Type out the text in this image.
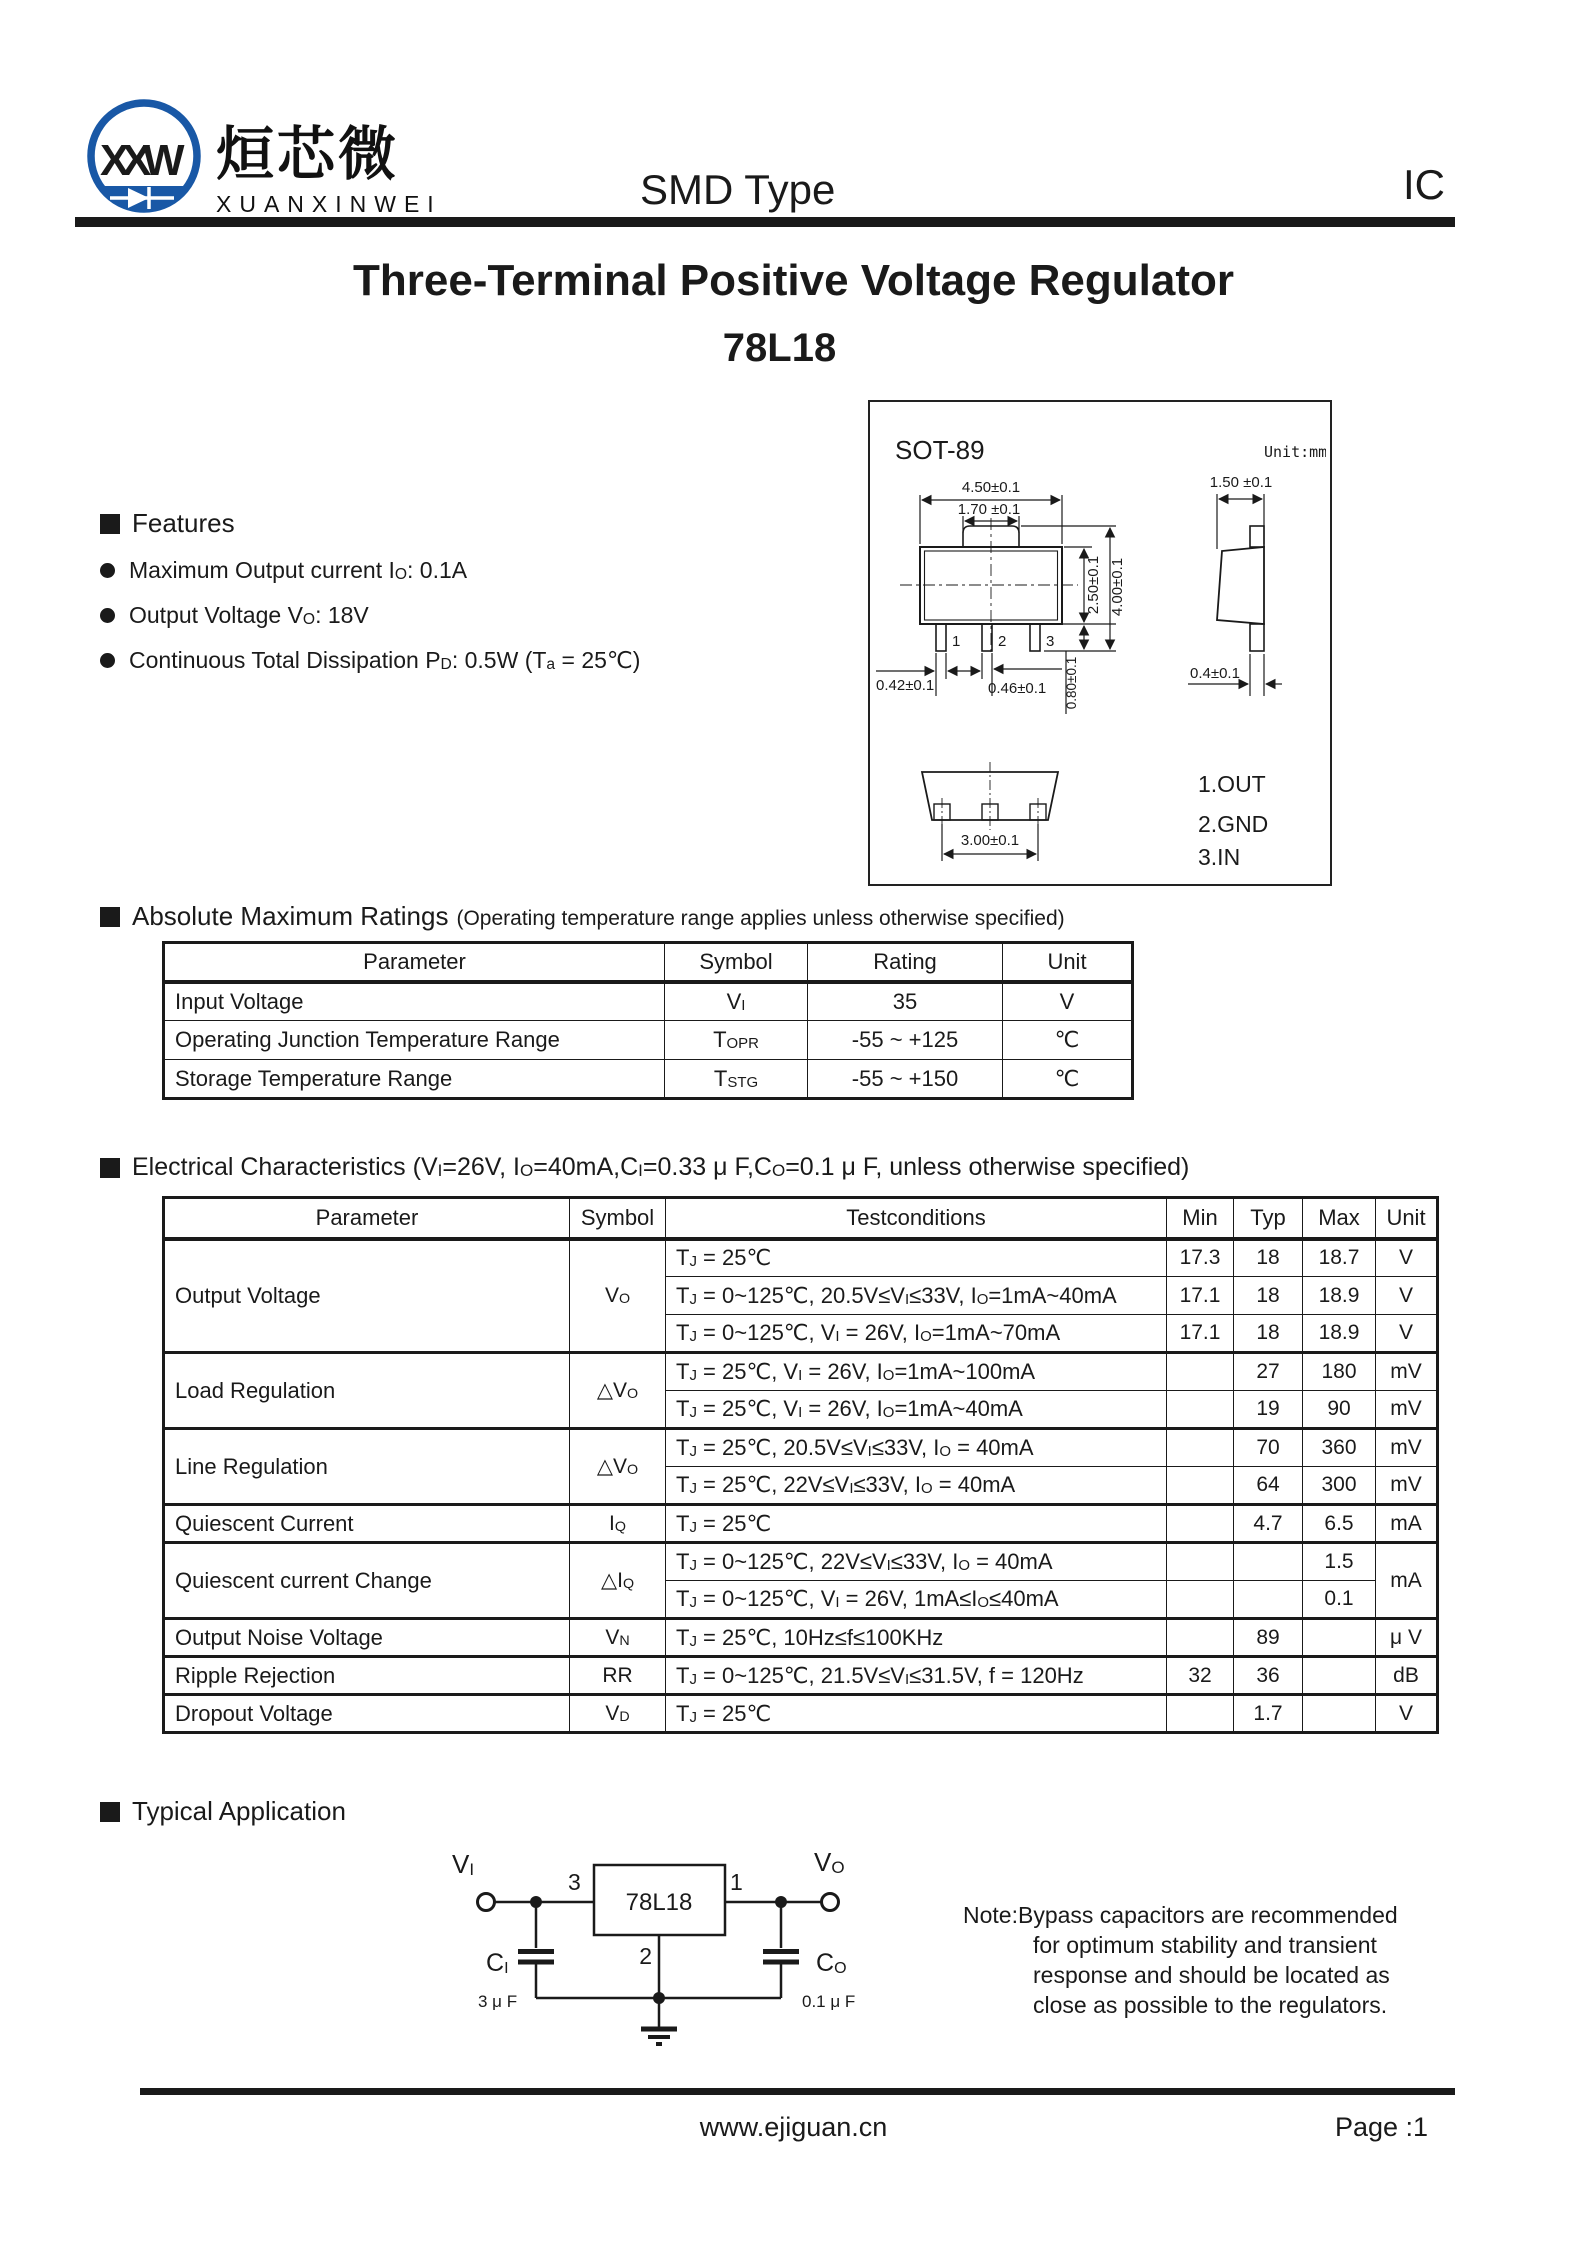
X
X
W 烜芯微
XUANXINWEI	SMD Type	IC
Three-Terminal Positive Voltage Regulator
78L18
SOT-89	Unit:mm
4.50±0.1
1.70 ±0.1
2.50±0.1 4.00±0.1
0.42±0.1	0.46±0.1 0.80±0.1
1.50 ±0.1
0.4±0.1
3.00±0.1
1	2	3
1.OUT
2.GND
3.IN
Features
Maximum Output current IO: 0.1A
Output Voltage VO: 18V
Continuous Total Dissipation PD: 0.5W (Ta = 25℃)
Absolute Maximum Ratings (Operating temperature range applies unless otherwise specified)
Parameter	Symbol	Rating	Unit
Input Voltage	VI	35	V
Operating Junction Temperature Range	TOPR	-55 ~ +125	℃
Storage Temperature Range	TSTG	-55 ~ +150	℃
Electrical Characteristics (VI=26V, IO=40mA,CI=0.33 μ F,CO=0.1 μ F, unless otherwise specified)
Parameter	Symbol	Testconditions	Min	Typ	Max	Unit
Output Voltage	VO	TJ = 25℃	17.3	18	18.7	V
		TJ = 0~125℃, 20.5V≤VI≤33V, IO=1mA~40mA	17.1	18	18.9	V
		TJ = 0~125℃, VI = 26V, IO=1mA~70mA	17.1	18	18.9	V
Load Regulation	△VO	TJ = 25℃, VI = 26V, IO=1mA~100mA		27	180	mV
		TJ = 25℃, VI = 26V, IO=1mA~40mA		19	90	mV
Line Regulation	△VO	TJ = 25℃, 20.5V≤VI≤33V, IO = 40mA		70	360	mV
		TJ = 25℃, 22V≤VI≤33V, IO = 40mA		64	300	mV
Quiescent Current	IQ	TJ = 25℃		4.7	6.5	mA
Quiescent current Change	△IQ	TJ = 0~125℃, 22V≤VI≤33V, IO = 40mA			1.5	mA
		TJ = 0~125℃, VI = 26V, 1mA≤IO≤40mA			0.1	
Output Noise Voltage	VN	TJ = 25℃, 10Hz≤f≤100KHz		89		μ V
Ripple Rejection	RR	TJ = 0~125℃, 21.5V≤VI≤31.5V, f = 120Hz	32	36		dB
Dropout Voltage	VD	TJ = 25℃		1.7		V
Typical Application
VI	VO
CI	CO
78L18
3	1
2
3 μ F	0.1 μ F
Note:Bypass capacitors are recommended
for optimum stability and transient
response and should be located as
close as possible to the regulators.
www.ejiguan.cn	Page :1
